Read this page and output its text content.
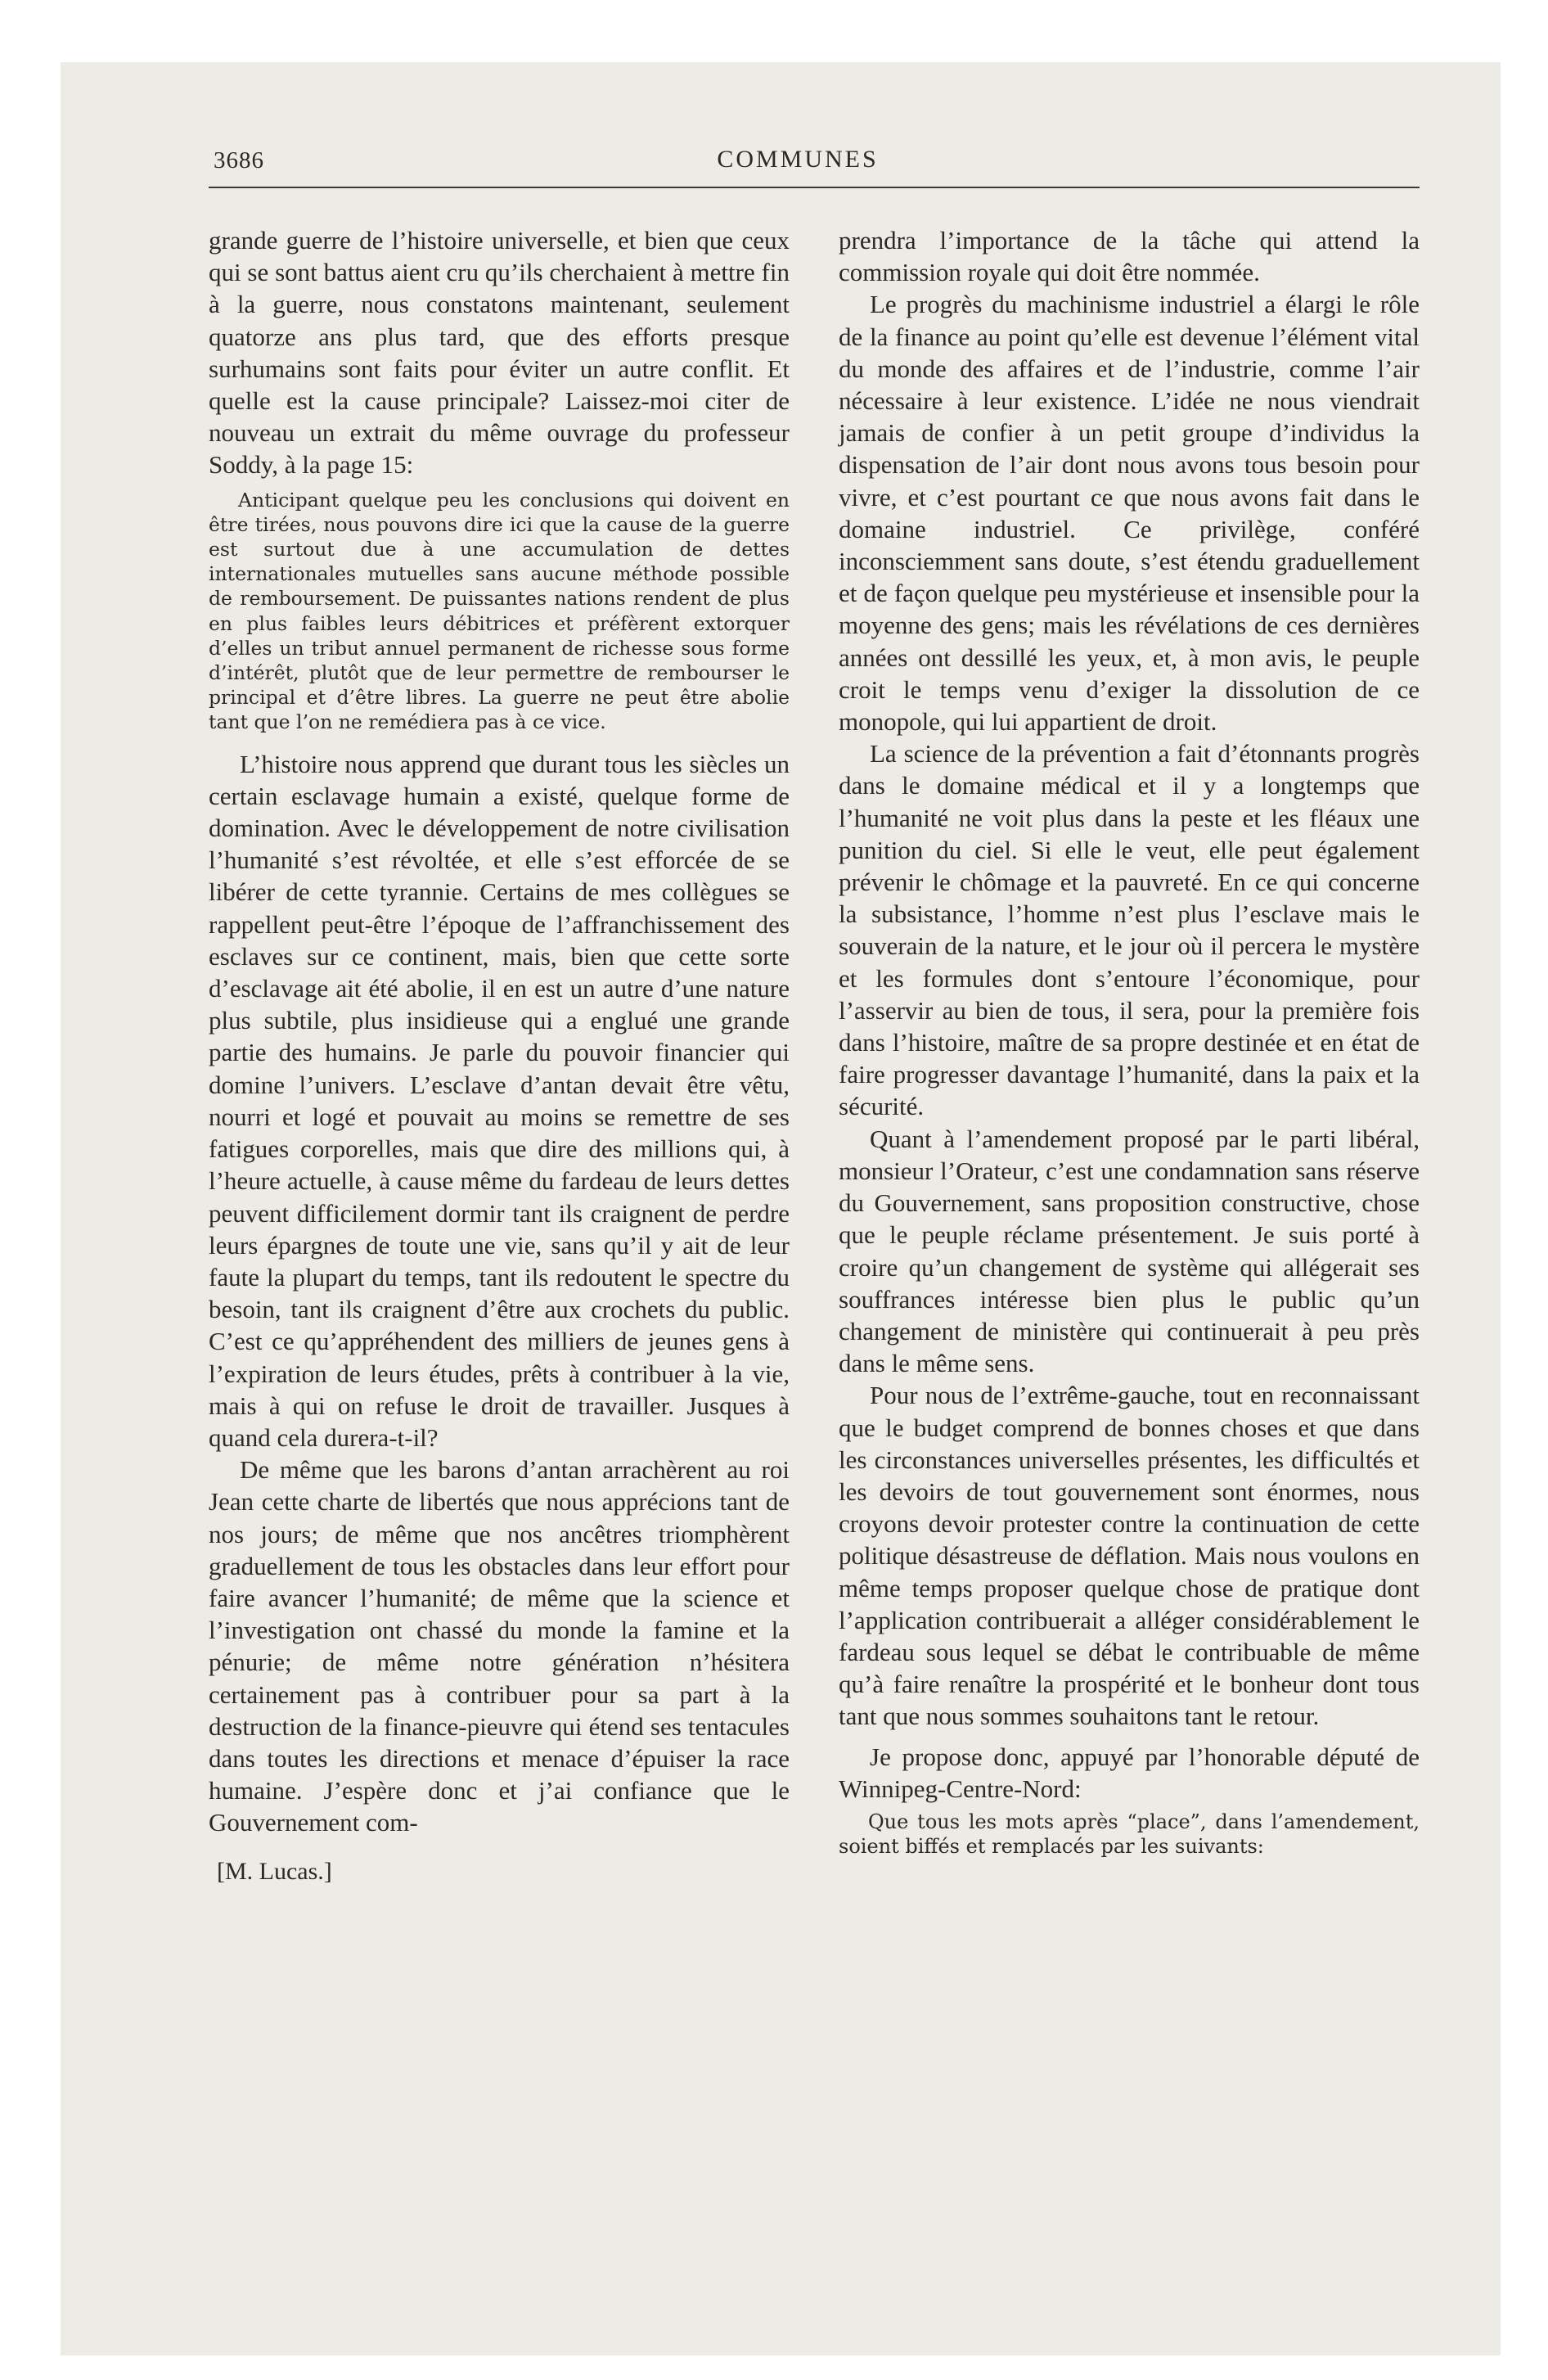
3686	COMMUNES

grande guerre de l’histoire universelle, et bien que ceux qui se sont battus aient cru qu’ils cherchaient à mettre fin à la guerre, nous constatons maintenant, seulement quatorze ans plus tard, que des efforts presque surhumains sont faits pour éviter un autre conflit. Et quelle est la cause principale? Laissez-moi citer de nouveau un extrait du même ouvrage du professeur Soddy, à la page 15:

Anticipant quelque peu les conclusions qui doivent en être tirées, nous pouvons dire ici que la cause de la guerre est surtout due à une accumulation de dettes internationales mutuelles sans aucune méthode possible de remboursement. De puissantes nations rendent de plus en plus faibles leurs débitrices et préfèrent extorquer d’elles un tribut annuel permanent de richesse sous forme d’intérêt, plutôt que de leur permettre de rembourser le principal et d’être libres. La guerre ne peut être abolie tant que l’on ne remédiera pas à ce vice.

L’histoire nous apprend que durant tous les siècles un certain esclavage humain a existé, quelque forme de domination. Avec le développement de notre civilisation l’humanité s’est révoltée, et elle s’est efforcée de se libérer de cette tyrannie. Certains de mes collègues se rappellent peut-être l’époque de l’affranchissement des esclaves sur ce continent, mais, bien que cette sorte d’esclavage ait été abolie, il en est un autre d’une nature plus subtile, plus insidieuse qui a englué une grande partie des humains. Je parle du pouvoir financier qui domine l’univers. L’esclave d’antan devait être vêtu, nourri et logé et pouvait au moins se remettre de ses fatigues corporelles, mais que dire des millions qui, à l’heure actuelle, à cause même du fardeau de leurs dettes peuvent difficilement dormir tant ils craignent de perdre leurs épargnes de toute une vie, sans qu’il y ait de leur faute la plupart du temps, tant ils redoutent le spectre du besoin, tant ils craignent d’être aux crochets du public. C’est ce qu’appréhendent des milliers de jeunes gens à l’expiration de leurs études, prêts à contribuer à la vie, mais à qui on refuse le droit de travailler. Jusques à quand cela durera-t-il?

De même que les barons d’antan arrachèrent au roi Jean cette charte de libertés que nous apprécions tant de nos jours; de même que nos ancêtres triomphèrent graduellement de tous les obstacles dans leur effort pour faire avancer l’humanité; de même que la science et l’investigation ont chassé du monde la famine et la pénurie; de même notre génération n’hésitera certainement pas à contribuer pour sa part à la destruction de la finance-pieuvre qui étend ses tentacules dans toutes les directions et menace d’épuiser la race humaine. J’espère donc et j’ai confiance que le Gouvernement com-

[M. Lucas.]

prendra l’importance de la tâche qui attend la commission royale qui doit être nommée.

Le progrès du machinisme industriel a élargi le rôle de la finance au point qu’elle est devenue l’élément vital du monde des affaires et de l’industrie, comme l’air nécessaire à leur existence. L’idée ne nous viendrait jamais de confier à un petit groupe d’individus la dispensation de l’air dont nous avons tous besoin pour vivre, et c’est pourtant ce que nous avons fait dans le domaine industriel. Ce privilège, conféré inconsciemment sans doute, s’est étendu graduellement et de façon quelque peu mystérieuse et insensible pour la moyenne des gens; mais les révélations de ces dernières années ont dessillé les yeux, et, à mon avis, le peuple croit le temps venu d’exiger la dissolution de ce monopole, qui lui appartient de droit.

La science de la prévention a fait d’étonnants progrès dans le domaine médical et il y a longtemps que l’humanité ne voit plus dans la peste et les fléaux une punition du ciel. Si elle le veut, elle peut également prévenir le chômage et la pauvreté. En ce qui concerne la subsistance, l’homme n’est plus l’esclave mais le souverain de la nature, et le jour où il percera le mystère et les formules dont s’entoure l’économique, pour l’asservir au bien de tous, il sera, pour la première fois dans l’histoire, maître de sa propre destinée et en état de faire progresser davantage l’humanité, dans la paix et la sécurité.

Quant à l’amendement proposé par le parti libéral, monsieur l’Orateur, c’est une condamnation sans réserve du Gouvernement, sans proposition constructive, chose que le peuple réclame présentement. Je suis porté à croire qu’un changement de système qui allégerait ses souffrances intéresse bien plus le public qu’un changement de ministère qui continuerait à peu près dans le même sens.

Pour nous de l’extrême-gauche, tout en reconnaissant que le budget comprend de bonnes choses et que dans les circonstances universelles présentes, les difficultés et les devoirs de tout gouvernement sont énormes, nous croyons devoir protester contre la continuation de cette politique désastreuse de déflation. Mais nous voulons en même temps proposer quelque chose de pratique dont l’application contribuerait a alléger considérablement le fardeau sous lequel se débat le contribuable de même qu’à faire renaître la prospérité et le bonheur dont tous tant que nous sommes souhaitons tant le retour.

Je propose donc, appuyé par l’honorable député de Winnipeg-Centre-Nord:

Que tous les mots après “place”, dans l’amendement, soient biffés et remplacés par les suivants:
